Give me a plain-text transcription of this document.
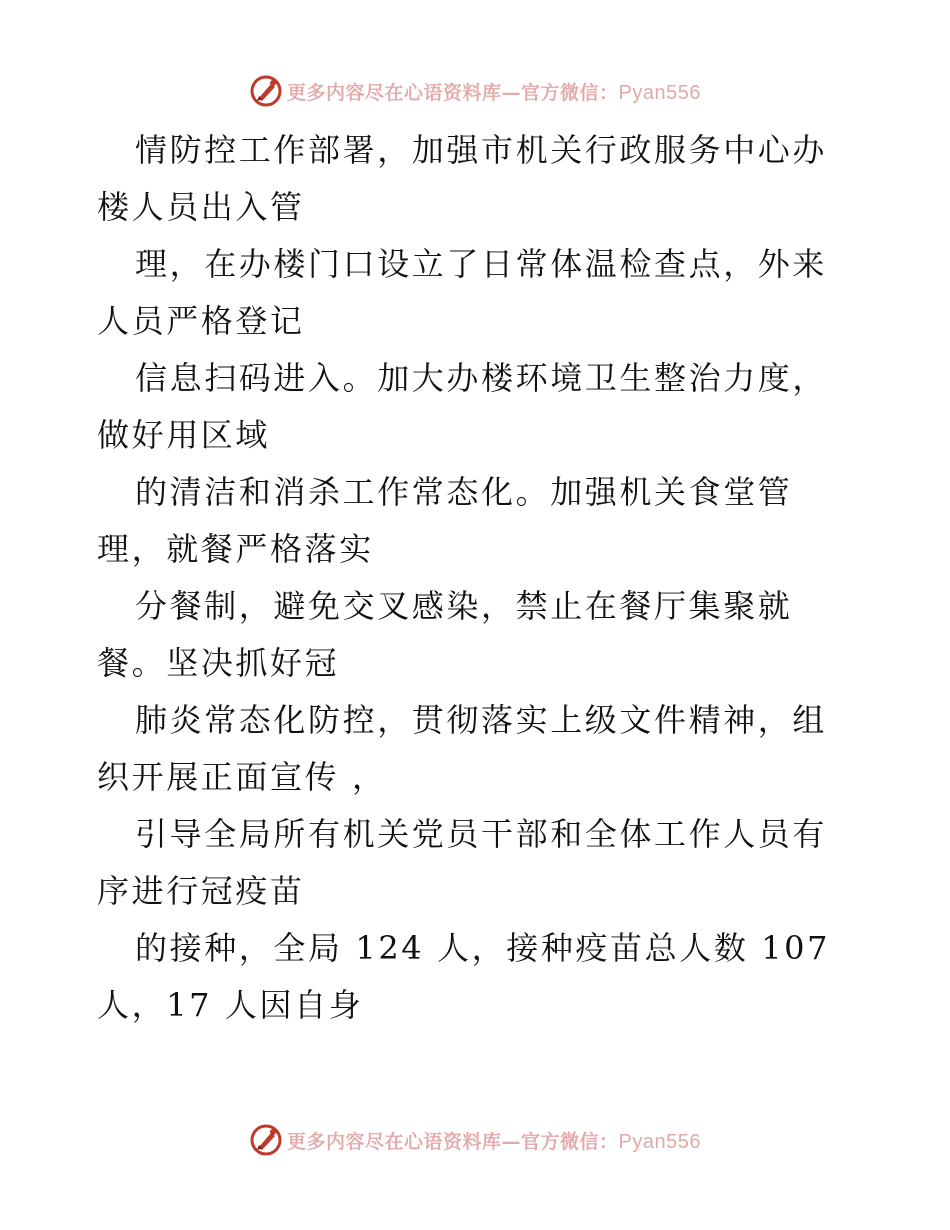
更多内容尽在心语资料库—官方微信：Pyan556

情防控工作部署，加强市机关行政服务中心办楼人员出入管

理，在办楼门口设立了日常体温检查点，外来人员严格登记

信息扫码进入。加大办楼环境卫生整治力度，做好用区域

的清洁和消杀工作常态化。加强机关食堂管理，就餐严格落实

分餐制，避免交叉感染，禁止在餐厅集聚就餐。坚决抓好冠

肺炎常态化防控，贯彻落实上级文件精神，组织开展正面宣传 ，

引导全局所有机关党员干部和全体工作人员有序进行冠疫苗

的接种，全局 124 人，接种疫苗总人数 107 人，17 人因自身

更多内容尽在心语资料库—官方微信：Pyan556
